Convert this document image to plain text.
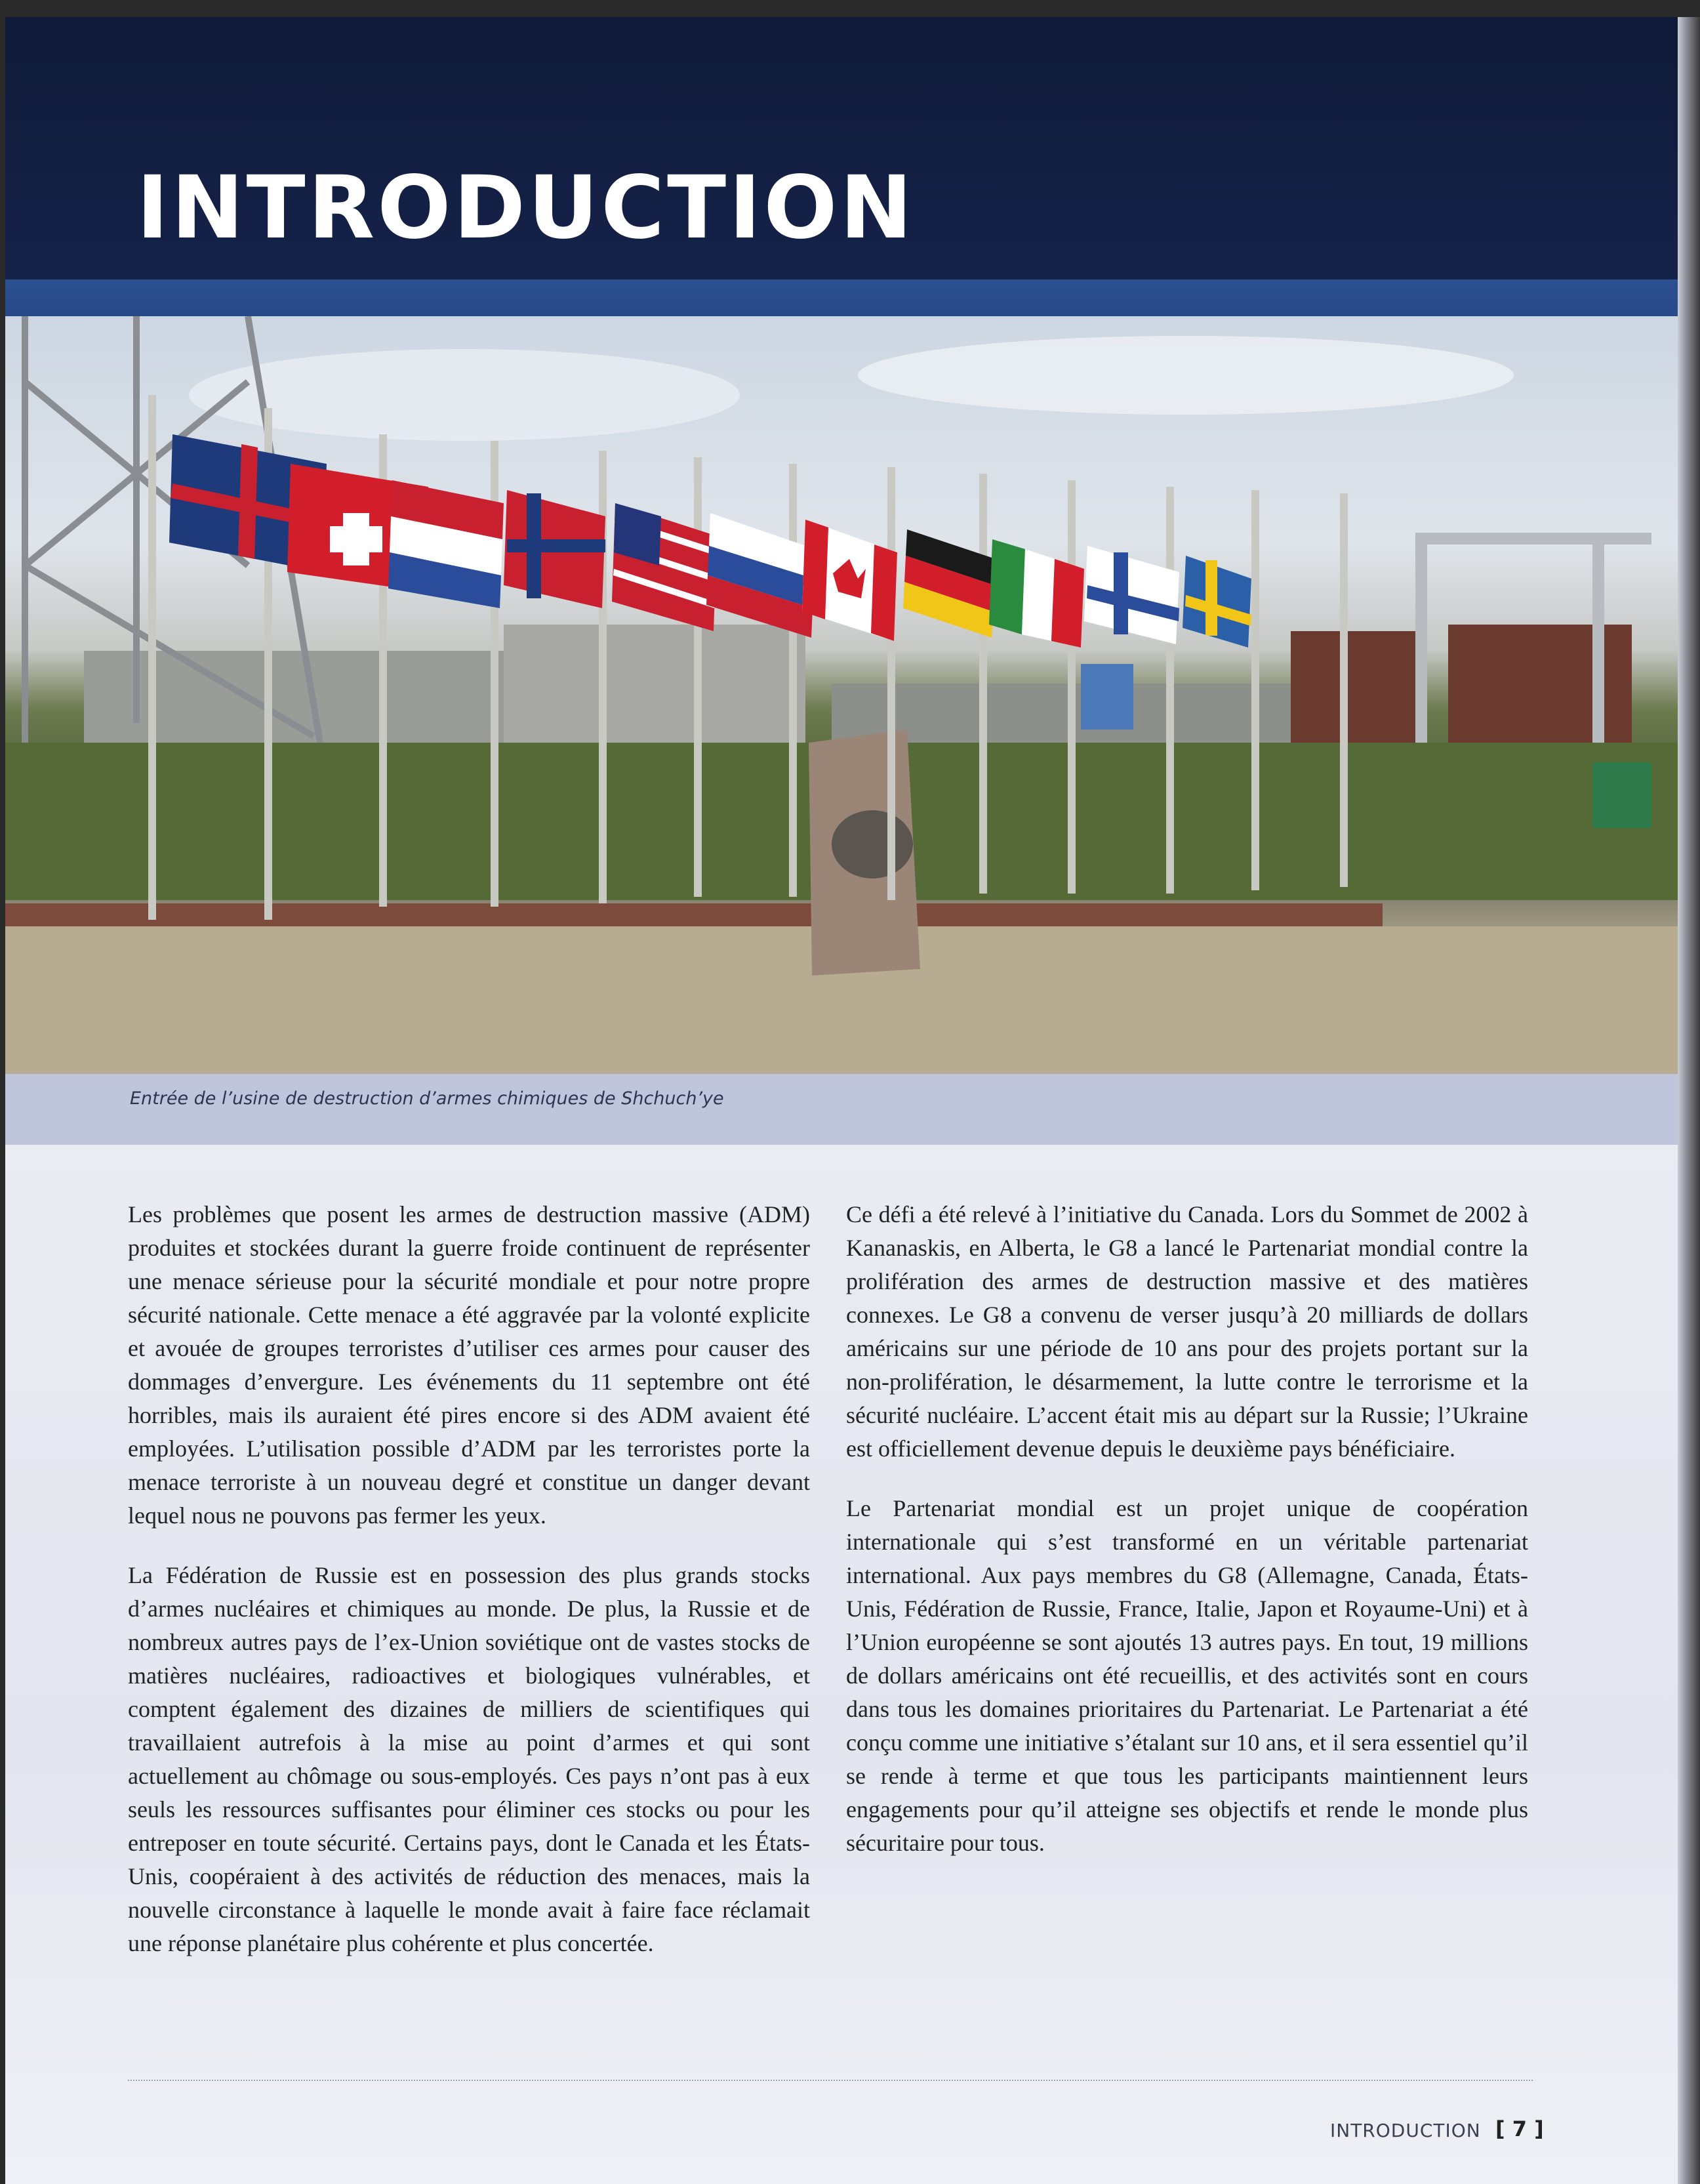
INTRODUCTION
Entrée de l’usine de destruction d’armes chimiques de Shchuch’ye

Les problèmes que posent les armes de destruction massive (ADM) produites et stockées durant la guerre froide continuent de représenter une menace sérieuse pour la sécurité mondiale et pour notre propre sécurité nationale. Cette menace a été aggravée par la volonté explicite et avouée de groupes terroristes d’utiliser ces armes pour causer des dommages d’envergure. Les événements du 11 septembre ont été horribles, mais ils auraient été pires encore si des ADM avaient été employées. L’utilisation possible d’ADM par les terroristes porte la menace terroriste à un nouveau degré et constitue un danger devant lequel nous ne pouvons pas fermer les yeux.

La Fédération de Russie est en possession des plus grands stocks d’armes nucléaires et chimiques au monde. De plus, la Russie et de nombreux autres pays de l’ex-Union soviétique ont de vastes stocks de matières nucléaires, radioactives et biologiques vulnérables, et comptent également des dizaines de milliers de scientifiques qui travaillaient autrefois à la mise au point d’armes et qui sont actuellement au chômage ou sous-employés. Ces pays n’ont pas à eux seuls les ressources suffisantes pour éliminer ces stocks ou pour les entreposer en toute sécurité. Certains pays, dont le Canada et les États-Unis, coopéraient à des activités de réduction des menaces, mais la nouvelle circonstance à laquelle le monde avait à faire face réclamait une réponse planétaire plus cohérente et plus concertée.

Ce défi a été relevé à l’initiative du Canada. Lors du Sommet de 2002 à Kananaskis, en Alberta, le G8 a lancé le Partenariat mondial contre la prolifération des armes de destruction massive et des matières connexes. Le G8 a convenu de verser jusqu’à 20 milliards de dollars américains sur une période de 10 ans pour des projets portant sur la non-prolifération, le désarmement, la lutte contre le terrorisme et la sécurité nucléaire. L’accent était mis au départ sur la Russie; l’Ukraine est officiellement devenue depuis le deuxième pays bénéficiaire.

Le Partenariat mondial est un projet unique de coopération internationale qui s’est transformé en un véritable partenariat international. Aux pays membres du G8 (Allemagne, Canada, États-Unis, Fédération de Russie, France, Italie, Japon et Royaume-Uni) et à l’Union européenne se sont ajoutés 13 autres pays. En tout, 19 millions de dollars américains ont été recueillis, et des activités sont en cours dans tous les domaines prioritaires du Partenariat. Le Partenariat a été conçu comme une initiative s’étalant sur 10 ans, et il sera essentiel qu’il se rende à terme et que tous les participants maintiennent leurs engagements pour qu’il atteigne ses objectifs et rende le monde plus sécuritaire pour tous.

INTRODUCTION [ 7 ]
